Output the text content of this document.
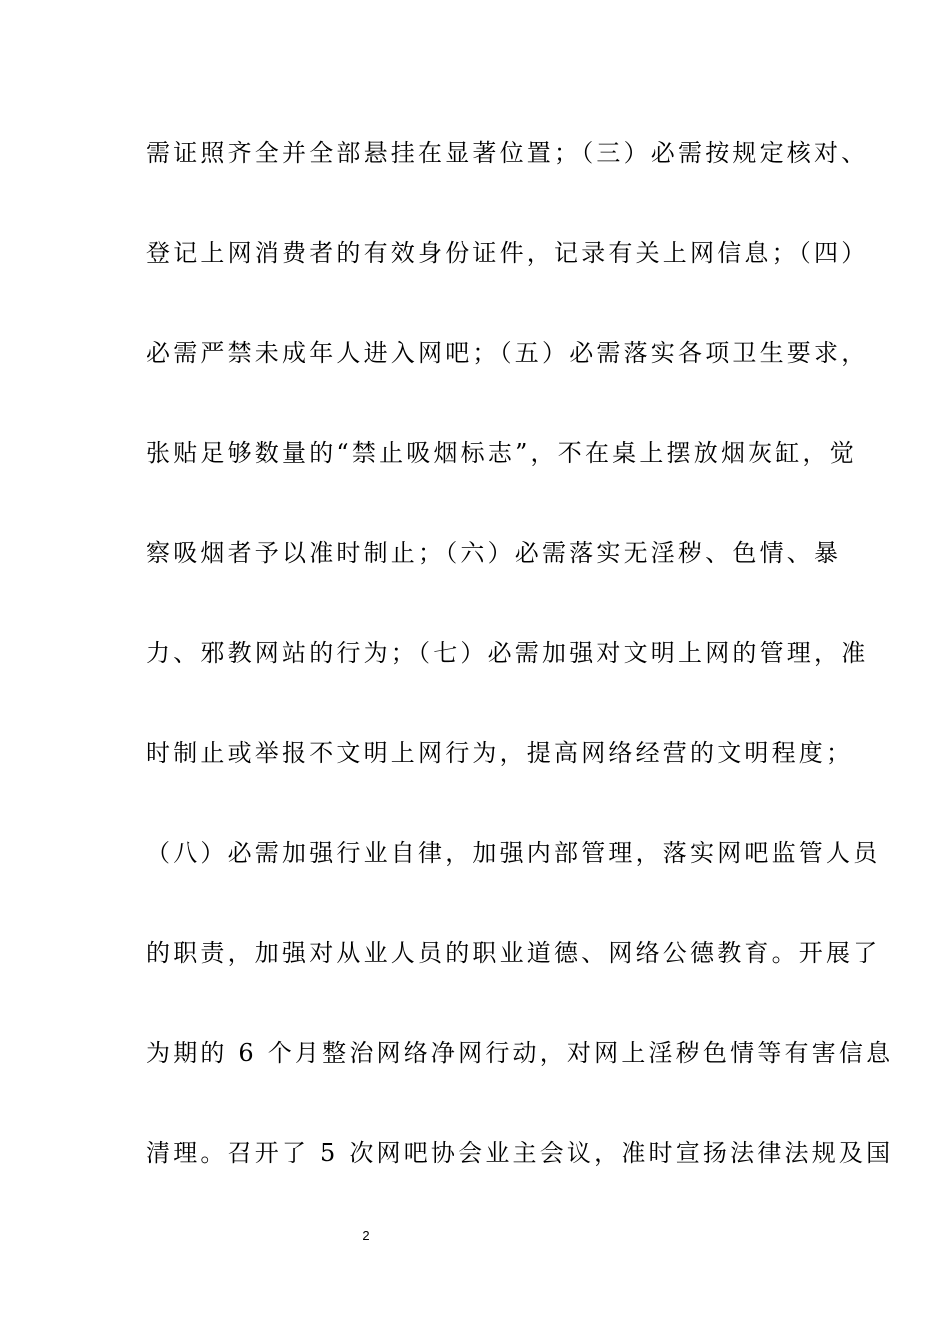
需证照齐全并全部悬挂在显著位置；（三）必需按规定核对、
登记上网消费者的有效身份证件，记录有关上网信息；（四）
必需严禁未成年人进入网吧；（五）必需落实各项卫生要求，
张贴足够数量的“禁止吸烟标志”，不在桌上摆放烟灰缸，觉
察吸烟者予以准时制止；（六）必需落实无淫秽、色情、暴
力、邪教网站的行为；（七）必需加强对文明上网的管理，准
时制止或举报不文明上网行为，提高网络经营的文明程度；
（八）必需加强行业自律，加强内部管理，落实网吧监管人员
的职责，加强对从业人员的职业道德、网络公德教育。开展了
为期的 6 个月整治网络净网行动，对网上淫秽色情等有害信息
清理。召开了 5 次网吧协会业主会议，准时宣扬法律法规及国
2
